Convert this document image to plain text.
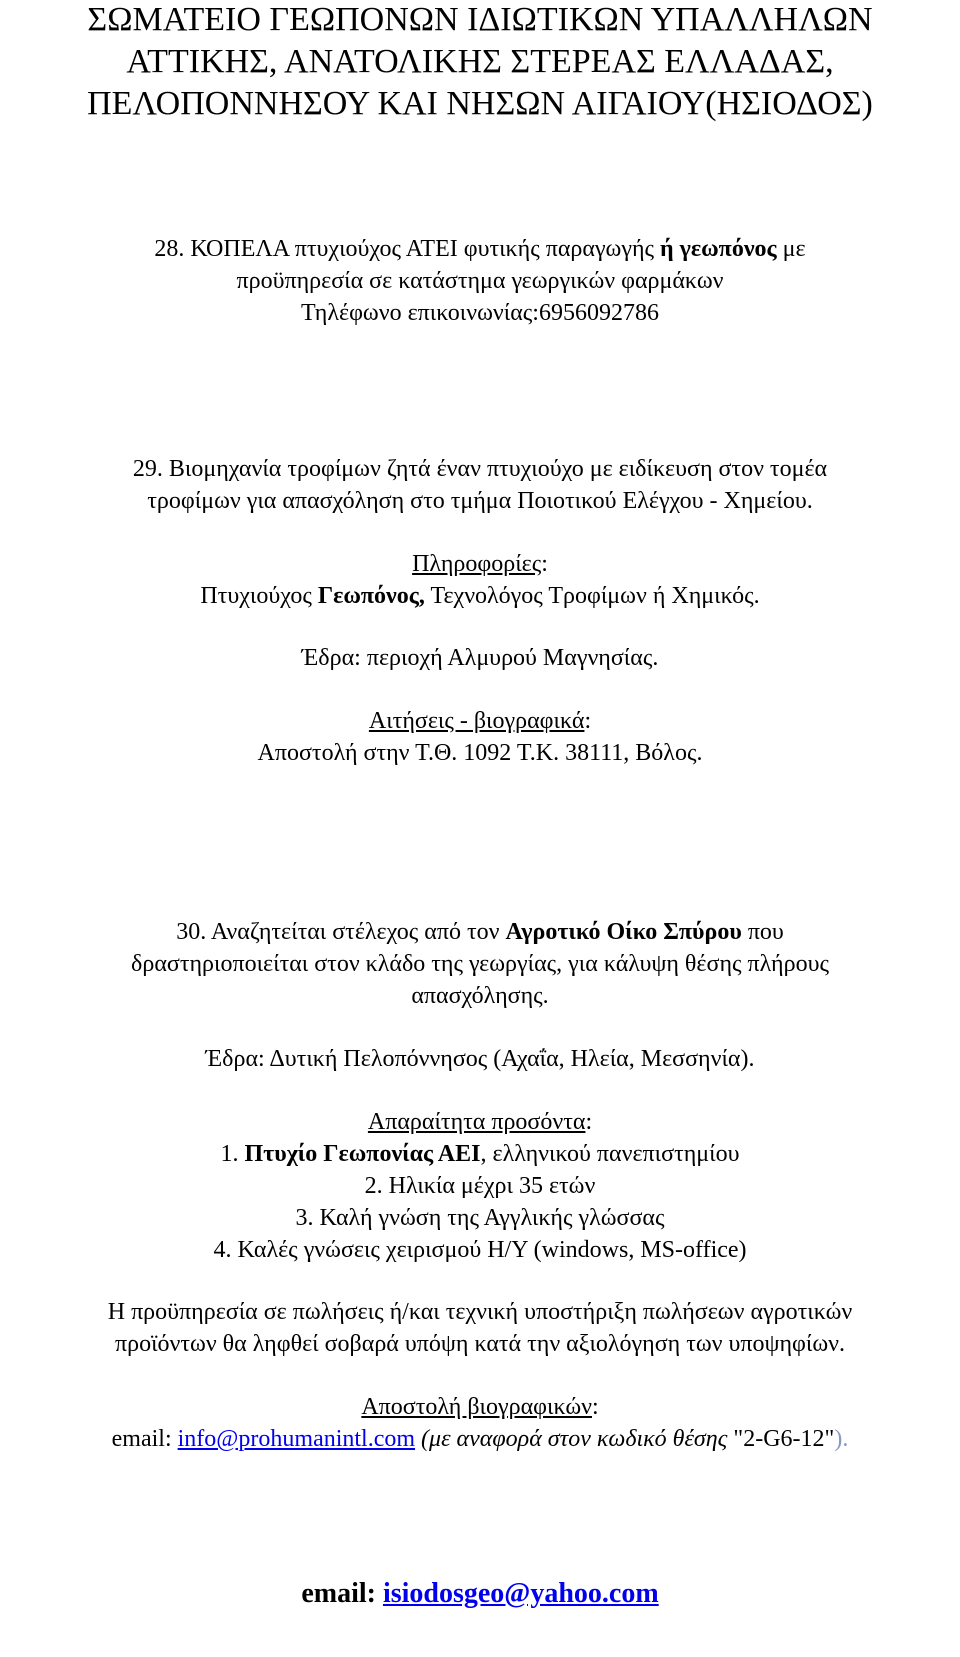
ΣΩΜΑΤΕΙΟ ΓΕΩΠΟΝΩΝ ΙΔΙΩΤΙΚΩΝ ΥΠΑΛΛΗΛΩΝ
ΑΤΤΙΚΗΣ, ΑΝΑΤΟΛΙΚΗΣ ΣΤΕΡΕΑΣ ΕΛΛΑΔΑΣ,
ΠΕΛΟΠΟΝΝΗΣΟΥ ΚΑΙ ΝΗΣΩΝ ΑΙΓΑΙΟΥ(ΗΣΙΟΔΟΣ)
28. ΚΟΠΕΛΑ πτυχιούχος ΑΤΕΙ φυτικής παραγωγής ή γεωπόνος με
προϋπηρεσία σε κατάστημα γεωργικών φαρμάκων
Τηλέφωνο επικοινωνίας:6956092786
29. Βιομηχανία τροφίμων ζητά έναν πτυχιούχο με ειδίκευση στον τομέα
τροφίμων για απασχόληση στο τμήμα Ποιοτικού Ελέγχου - Χημείου.
Πληροφορίες:
Πτυχιούχος Γεωπόνος, Τεχνολόγος Τροφίμων ή Χημικός.
Έδρα: περιοχή Αλμυρού Μαγνησίας.
Αιτήσεις - βιογραφικά:
Αποστολή στην Τ.Θ. 1092 Τ.Κ. 38111, Βόλος.
30. Αναζητείται στέλεχος από τον Αγροτικό Οίκο Σπύρου που
δραστηριοποιείται στον κλάδο της γεωργίας, για κάλυψη θέσης πλήρους
απασχόλησης.
Έδρα: Δυτική Πελοπόννησος (Αχαΐα, Ηλεία, Μεσσηνία).
Απαραίτητα προσόντα:
1. Πτυχίο Γεωπονίας ΑΕΙ, ελληνικού πανεπιστημίου
2. Ηλικία μέχρι 35 ετών
3. Καλή γνώση της Αγγλικής γλώσσας
4. Καλές γνώσεις χειρισμού Η/Υ (windows, MS-office)
Η προϋπηρεσία σε πωλήσεις ή/και τεχνική υποστήριξη πωλήσεων αγροτικών
προϊόντων θα ληφθεί σοβαρά υπόψη κατά την αξιολόγηση των υποψηφίων.
Αποστολή βιογραφικών:
email: info@prohumanintl.com (με αναφορά στον κωδικό θέσης "2-G6-12").
email: isiodosgeo@yahoo.com
